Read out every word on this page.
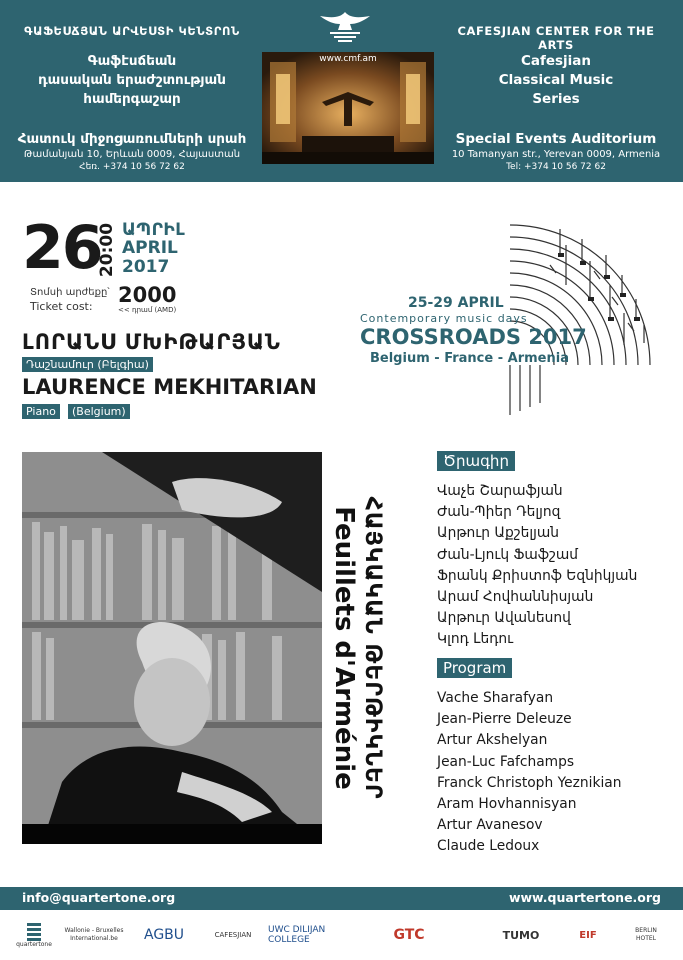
ԳԱՖԵՍՃՅԱՆ ԱՐՎԵՍՏԻ ԿԵՆՏՐՈՆ
Գաֆէսճեան
դասական երաժշտության
համերգաշար
Հատուկ միջոցառումների սրահ
Թամանյան 10, Երևան 0009, Հայաստան
Հեռ. +374 10 56 72 62
www.cmf.am
CAFESJIAN CENTER FOR THE ARTS
Cafesjian
Classical Music
Series
Special Events Auditorium
10 Tamanyan str., Yerevan 0009, Armenia
Tel: +374 10 56 72 62
26
20:00 ԱՊՐԻԼ
APRIL
2017
Տոմսի արժեքը՝
Ticket cost: 2000
<< դրամ (AMD)	25-29 APRIL
Contemporary music days
CROSSROADS 2017
Belgium - France - Armenia
ԼՈՐԱՆՍ ՄԽԻԹԱՐՅԱՆ
Դաշնամուր (Բելգիա)
LAURENCE MEKHITARIAN
Piano	(Belgium)
ՀԱՅԿԱԿԱՆ ԹԵՐԹԻԿՆԵՐ
Feuillets d'Arménie
Ծրագիր
Վաչե Շարաֆյան
Ժան-Պիեր Դելյոզ
Արթուր Աքշելյան
Ժան-Լյուկ Ֆաֆշամ
Ֆրանկ Քրիստոֆ Եզնիկյան
Արամ Հովհաննիսյան
Արթուր Ավանեսով
Կլոդ Լեդու
Program
Vache Sharafyan
Jean-Pierre Deleuze
Artur Akshelyan
Jean-Luc Fafchamps
Franck Christoph Yeznikian
Aram Hovhannisyan
Artur Avanesov
Claude Ledoux
info@quartertone.org	www.quartertone.org
quartertone
Wallonie - Bruxelles International.be	AGBU	CAFESJIAN	UWC DILIJAN COLLEGE	GTC	TUMO	EIF	BERLIN HOTEL
